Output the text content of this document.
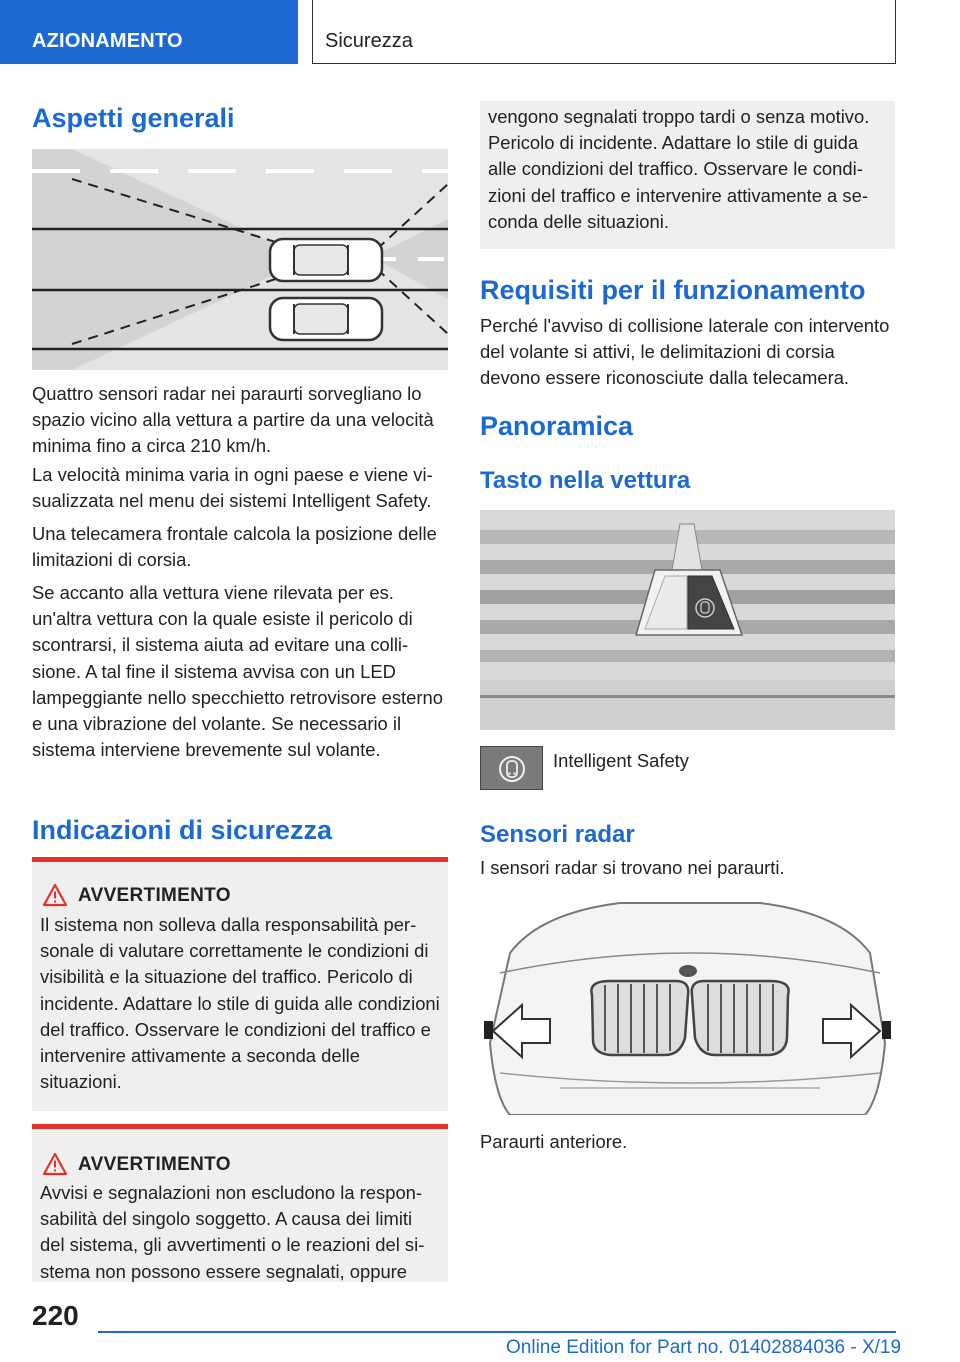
AZIONAMENTO	Sicurezza
Aspetti generali
Quattro sensori radar nei paraurti sorvegliano lo spazio vicino alla vettura a partire da una velocità minima fino a circa 210 km/h.
La velocità minima varia in ogni paese e viene visualizzata nel menu dei sistemi Intelligent Safety.
Una telecamera frontale calcola la posizione delle limitazioni di corsia.
Se accanto alla vettura viene rilevata per es. un'altra vettura con la quale esiste il pericolo di scontrarsi, il sistema aiuta ad evitare una collisione. A tal fine il sistema avvisa con un LED lampeggiante nello specchietto retrovisore esterno e una vibrazione del volante. Se necessario il sistema interviene brevemente sul volante.
Indicazioni di sicurezza
AVVERTIMENTO
Il sistema non solleva dalla responsabilità personale di valutare correttamente le condizioni di visibilità e la situazione del traffico. Pericolo di incidente. Adattare lo stile di guida alle condizioni del traffico. Osservare le condizioni del traffico e intervenire attivamente a seconda delle situazioni.
AVVERTIMENTO
Avvisi e segnalazioni non escludono la responsabilità del singolo soggetto. A causa dei limiti del sistema, gli avvertimenti o le reazioni del sistema non possono essere segnalati, oppure
vengono segnalati troppo tardi o senza motivo. Pericolo di incidente. Adattare lo stile di guida alle condizioni del traffico. Osservare le condizioni del traffico e intervenire attivamente a seconda delle situazioni.
Requisiti per il funzionamento
Perché l'avviso di collisione laterale con intervento del volante si attivi, le delimitazioni di corsia devono essere riconosciute dalla telecamera.
Panoramica
Tasto nella vettura
Intelligent Safety
Sensori radar
I sensori radar si trovano nei paraurti.
Paraurti anteriore.
220
Online Edition for Part no. 01402884036 - X/19
